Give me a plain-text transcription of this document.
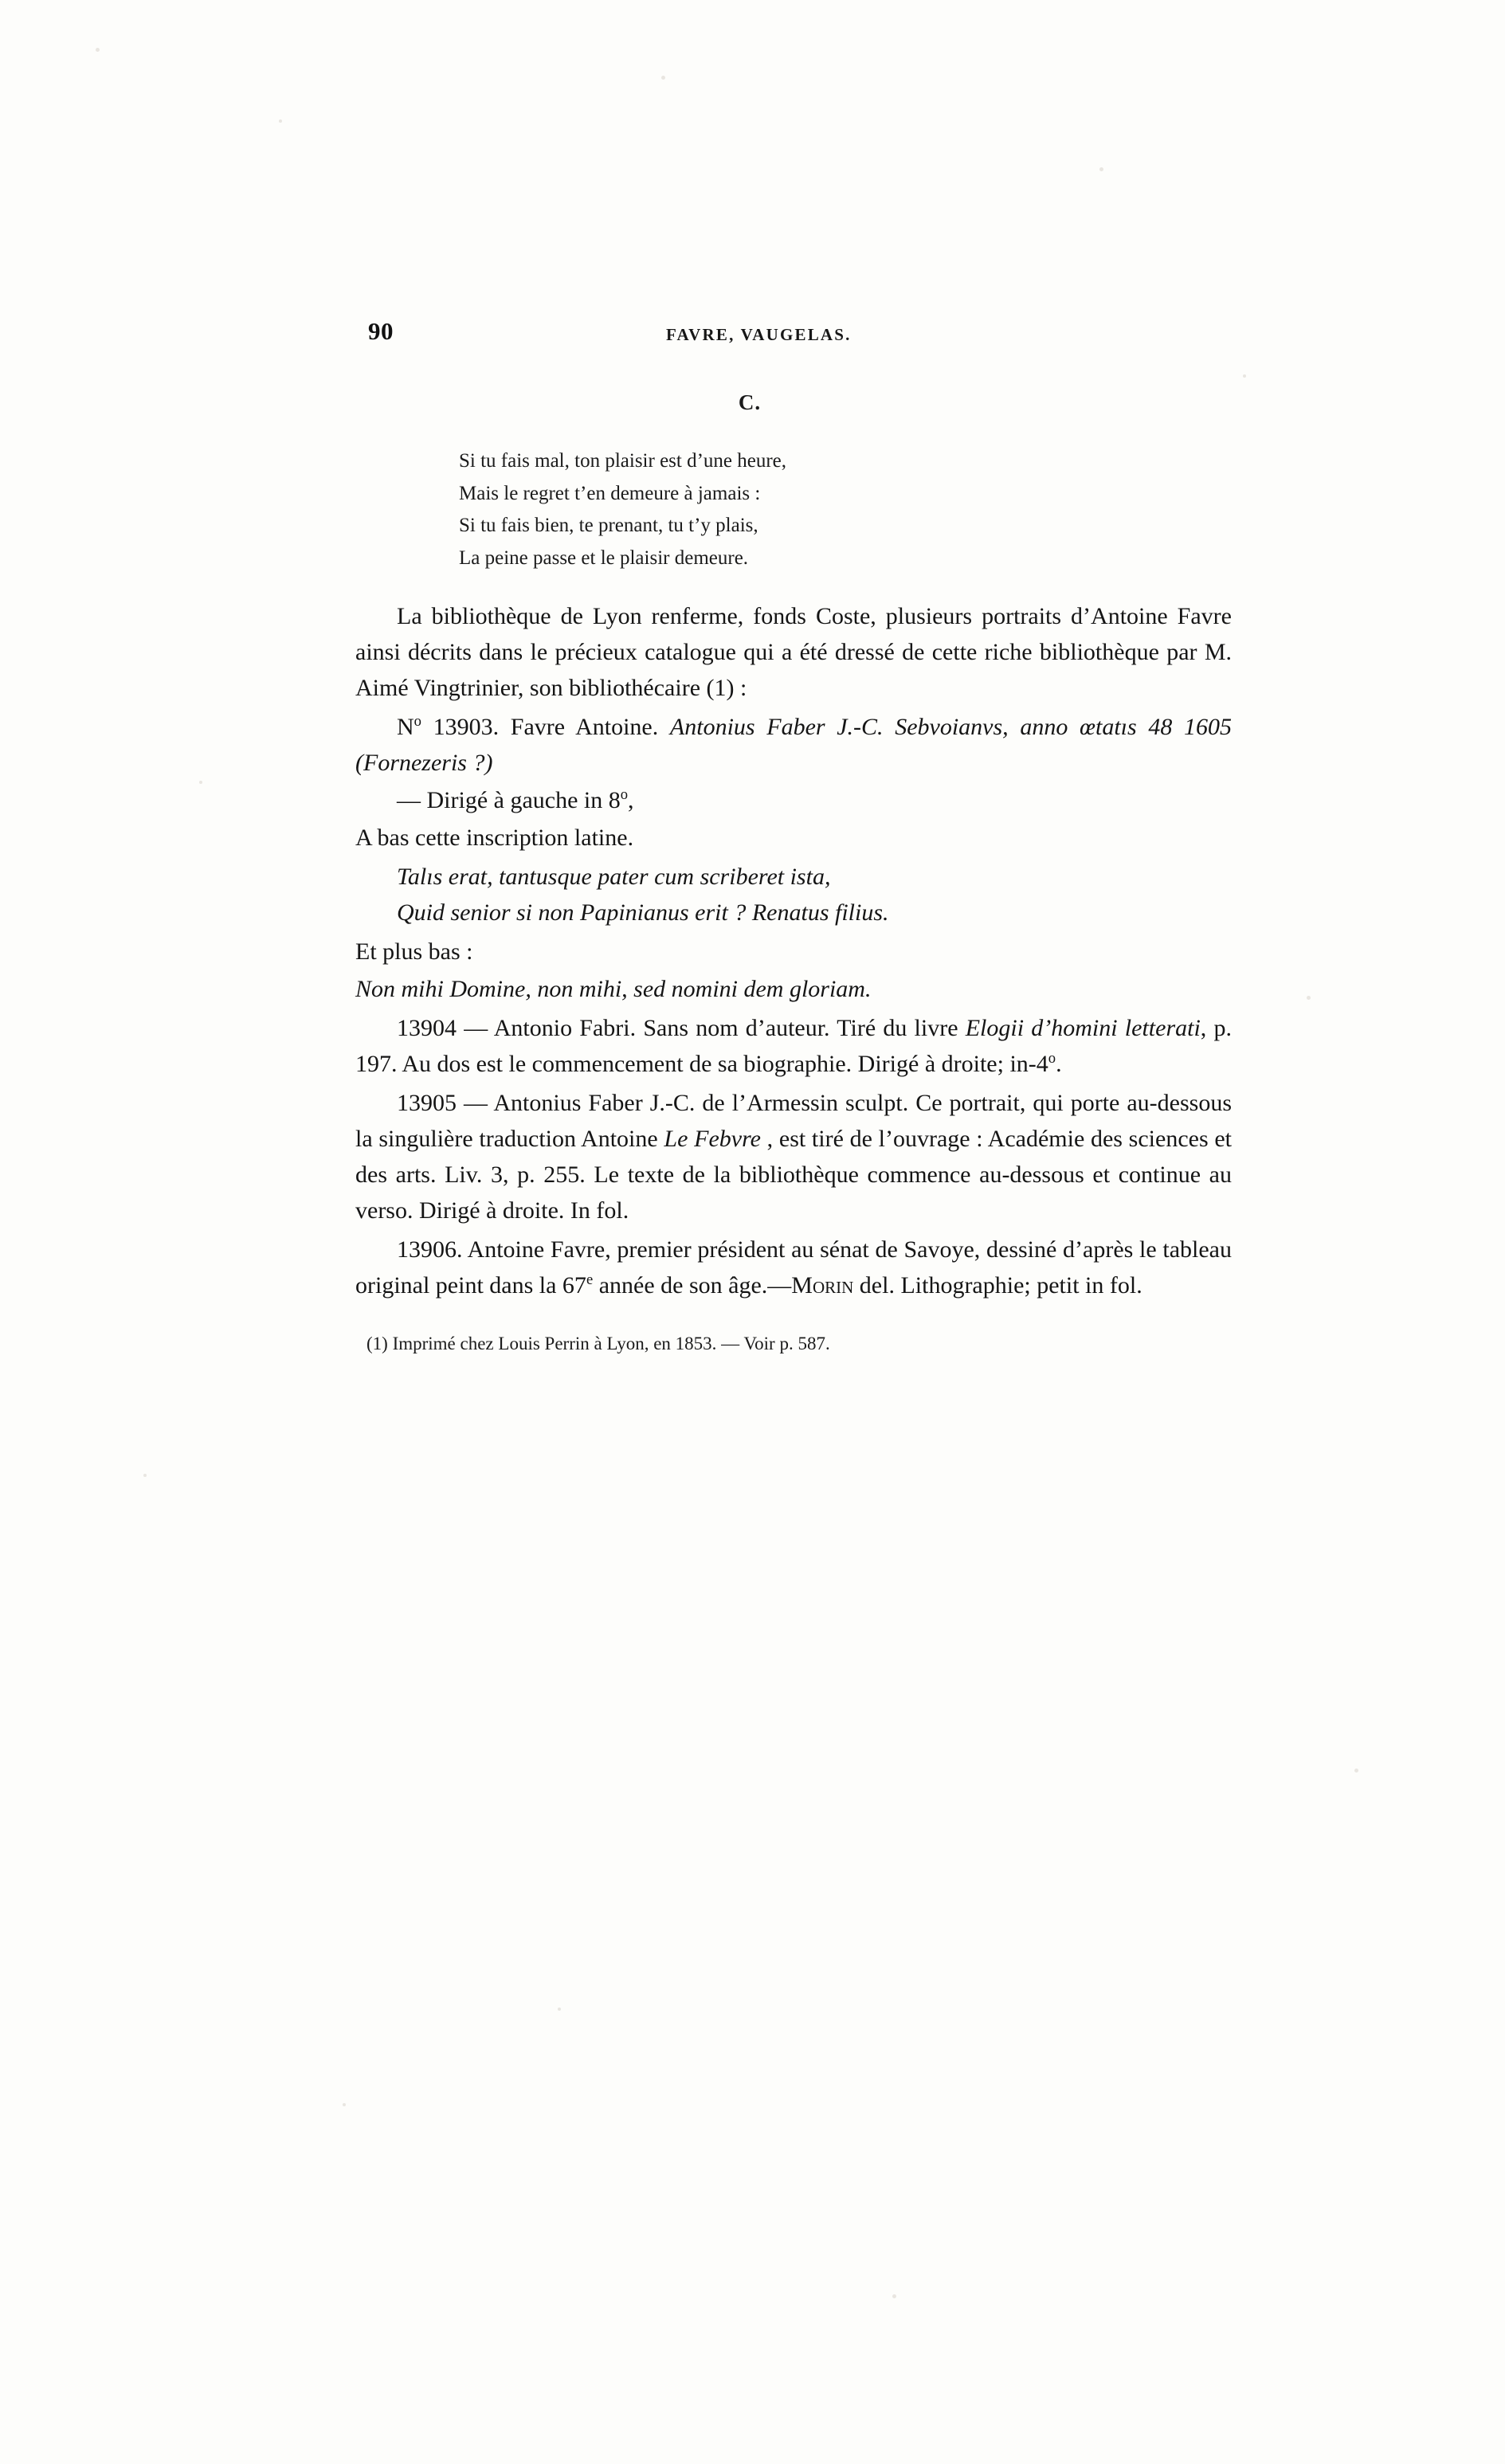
90	FAVRE, VAUGELAS.
C.
Si tu fais mal, ton plaisir est d’une heure,
Mais le regret t’en demeure à jamais :
Si tu fais bien, te prenant, tu t’y plais,
La peine passe et le plaisir demeure.

La bibliothèque de Lyon renferme, fonds Coste, plusieurs portraits d’Antoine Favre ainsi décrits dans le précieux catalogue qui a été dressé de cette riche bibliothèque par M. Aimé Vingtrinier, son bibliothécaire (1) :

$N^o$ 13903. Favre Antoine. Antonius Faber J.-C. Sebvoianvs, anno œtatıs 48 1605 (Fornezeris ?)

— Dirigé à gauche in 8$^o$,

A bas cette inscription latine.

Talıs erat, tantusque pater cum scriberet ista,

Quid senior si non Papinianus erit ? Renatus filius.

Et plus bas :

Non mihi Domine, non mihi, sed nomini dem gloriam.

13904 — Antonio Fabri. Sans nom d’auteur. Tiré du livre Elogii d’homini letterati, p. 197. Au dos est le commencement de sa biographie. Dirigé à droite; in-4$^o$.

13905 — Antonius Faber J.-C. de l’Armessin sculpt. Ce portrait, qui porte au-dessous la singulière traduction Antoine Le Febvre , est tiré de l’ouvrage : Académie des sciences et des arts. Liv. 3, p. 255. Le texte de la bibliothèque commence au-dessous et continue au verso. Dirigé à droite. In fol.

13906. Antoine Favre, premier président au sénat de Savoye, dessiné d’après le tableau original peint dans la 67e année de son âge.—Morin del. Lithographie; petit in fol.

(1) Imprimé chez Louis Perrin à Lyon, en 1853. — Voir p. 587.
